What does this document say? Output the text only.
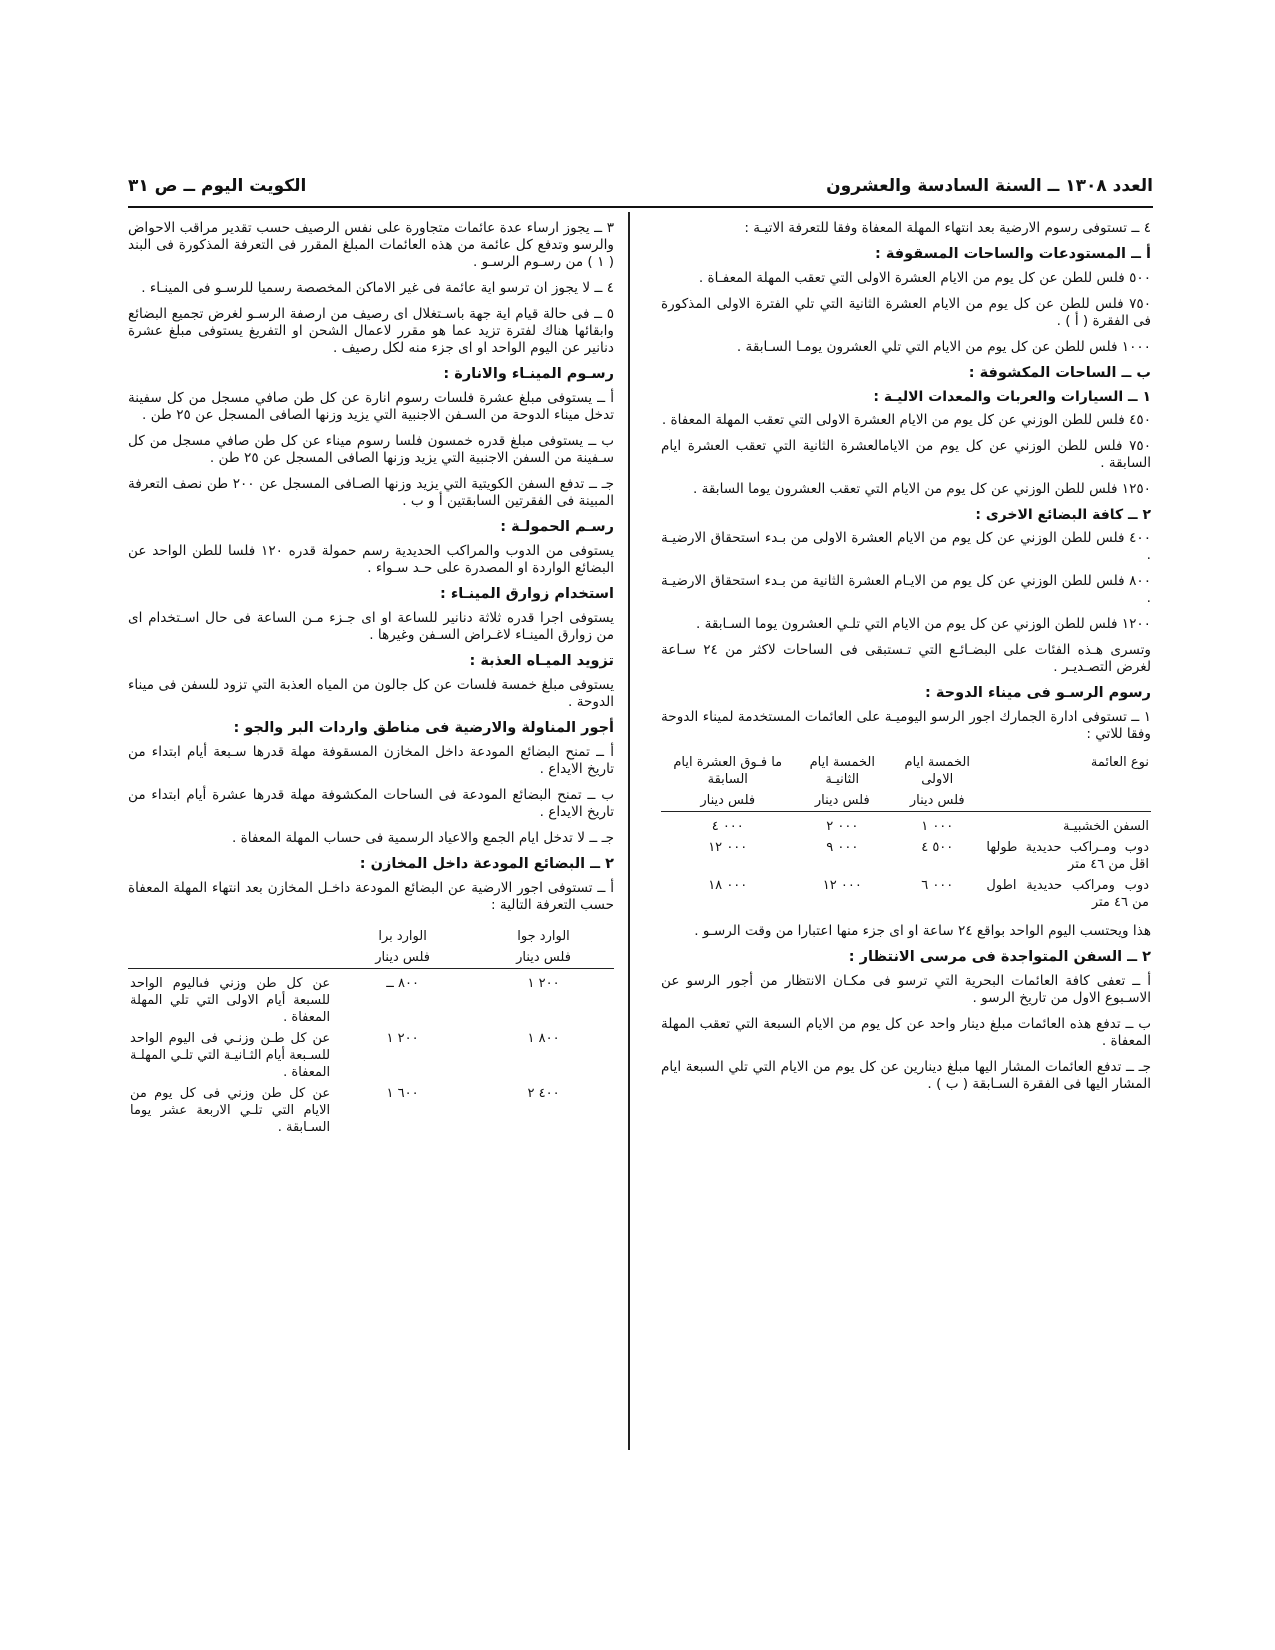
العدد ١٣٠٨ ــ السنة السادسة والعشرون
الكويت اليوم ــ ص ٣١

٤ ــ تستوفى رسوم الارضية بعد انتهاء المهلة المعفاة وفقا للتعرفة الاتيـة :

أ ــ المستودعات والساحات المسقوفة :

٥٠٠ فلس للطن عن كل يوم من الايام العشرة الاولى التي تعقب المهلة المعفـاة .

٧٥٠ فلس للطن عن كل يوم من الايام العشرة الثانية التي تلي الفترة الاولى المذكورة فى الفقرة ( أ ) .

١٠٠٠ فلس للطن عن كل يوم من الايام التي تلي العشرون يومـا السـابقة .

ب ــ الساحات المكشوفة :
١ ــ السيارات والعربات والمعدات الاليـة :

٤٥٠ فلس للطن الوزني عن كل يوم من الايام العشرة الاولى التي تعقب المهلة المعفاة .

٧٥٠ فلس للطن الوزني عن كل يوم من الايامالعشرة الثانية التي تعقب العشرة ايام السابقة .

١٢٥٠ فلس للطن الوزني عن كل يوم من الايام التي تعقب العشرون يوما السابقة .

٢ ــ كافة البضائع الاخرى :

٤٠٠ فلس للطن الوزني عن كل يوم من الايام العشرة الاولى من بـدء استحقاق الارضيـة .

٨٠٠ فلس للطن الوزني عن كل يوم من الايـام العشرة الثانية من بـدء استحقاق الارضيـة .

١٢٠٠ فلس للطن الوزني عن كل يوم من الايام التي تلـي العشرون يوما السـابقة .

وتسرى هـذه الفئات على البضـائـع التي تـستبقى فى الساحات لاكثر من ٢٤ سـاعة لغرض التصـديـر .

رسوم الرسـو فى ميناء الدوحة :

١ ــ تستوفى ادارة الجمارك اجور الرسو اليوميـة على العائمات المستخدمة لميناء الدوحة وفقا للاتي :

نوع العائمة	الخمسة ايام الاولى	الخمسة ايام الثانيـة	ما فـوق العشرة ايام السابقة
	فلس دينار	فلس دينار	فلس دينار

السفن الخشبيـة	٠٠٠ ١	٠٠٠ ٢	٠٠٠ ٤
دوب ومـراكب حديدية طولها اقل من ٤٦ متر	٥٠٠ ٤	٠٠٠ ٩	٠٠٠ ١٢
دوب ومراكب حديدية اطول من ٤٦ متر	٠٠٠ ٦	٠٠٠ ١٢	٠٠٠ ١٨

هذا ويحتسب اليوم الواحد بواقع ٢٤ ساعة او اى جزء منها اعتبارا من وقت الرسـو .

٢ ــ السفن المتواجدة فى مرسى الانتظار :

أ ــ تعفى كافة العائمات البحرية التي ترسو فى مكـان الانتظار من أجور الرسو عن الاسـبوع الاول من تاريخ الرسو .

ب ــ تدفع هذه العائمات مبلغ دينار واحد عن كل يوم من الايام السبعة التي تعقب المهلة المعفاة .

جـ ــ تدفع العائمات المشار اليها مبلغ دينارين عن كل يوم من الايام التي تلي السبعة ايام المشار اليها فى الفقرة السـابقة ( ب ) .

٣ ــ يجوز ارساء عدة عائمات متجاورة على نفس الرصيف حسب تقدير مراقب الاحواض والرسو وتدفع كل عائمة من هذه العائمات المبلغ المقرر فى التعرفة المذكورة فى البند ( ١ ) من رسـوم الرسـو .

٤ ــ لا يجوز ان ترسو اية عائمة فى غير الاماكن المخصصة رسميا للرسـو فى المينـاء .

٥ ــ فى حالة قيام اية جهة باسـتغلال اى رصيف من ارصفة الرسـو لغرض تجميع البضائع وابقائها هناك لفترة تزيد عما هو مقرر لاعمال الشحن او التفريغ يستوفى مبلغ عشرة دنانير عن اليوم الواحد او اى جزء منه لكل رصيف .

رسـوم المينـاء والانارة :

أ ــ يستوفى مبلغ عشرة فلسات رسوم انارة عن كل طن صافي مسجل من كل سفينة تدخل ميناء الدوحة من السـفن الاجنبية التي يزيد وزنها الصافى المسجل عن ٢٥ طن .

ب ــ يستوفى مبلغ قدره خمسون فلسا رسوم ميناء عن كل طن صافي مسجل من كل سـفينة من السفن الاجنبية التي يزيد وزنها الصافى المسجل عن ٢٥ طن .

جـ ــ تدفع السفن الكويتية التي يزيد وزنها الصـافى المسجل عن ٢٠٠ طن نصف التعرفة المبينة فى الفقرتين السابقتين أ و ب .

رسـم الحمولـة :

يستوفى من الدوب والمراكب الحديدية رسم حمولة قدره ١٢٠ فلسا للطن الواحد عن البضائع الواردة او المصدرة على حـد سـواء .

استخدام زوارق المينـاء :

يستوفى اجرا قدره ثلاثة دنانير للساعة او اى جـزء مـن الساعة فى حال اسـتخدام اى من زوارق المينـاء لاغـراض السـفن وغيرها .

تزويد الميـاه العذبة :

يستوفى مبلغ خمسة فلسات عن كل جالون من المياه العذبة التي تزود للسفن فى ميناء الدوحة .

أجور المناولة والارضية فى مناطق واردات البر والجو :

أ ــ تمنح البضائع المودعة داخل المخازن المسقوفة مهلة قدرها سـبعة أيام ابتداء من تاريخ الايداع .

ب ــ تمنح البضائع المودعة فى الساحات المكشوفة مهلة قدرها عشرة أيام ابتداء من تاريخ الايداع .

جـ ــ لا تدخل ايام الجمع والاعياد الرسمية فى حساب المهلة المعفاة .

٢ ــ البضائع المودعة داخل المخازن :

أ ــ تستوفى اجور الارضية عن البضائع المودعة داخـل المخازن بعد انتهاء المهلة المعفاة حسب التعرفة التالية :

الوارد جوا	الوارد برا	
فلس دينار	فلس دينار	

٢٠٠ ١	٨٠٠ ــ	عن كل طن وزني فىاليوم الواحد للسبعة أيام الاولى التي تلي المهلة المعفاة .
٨٠٠ ١	٢٠٠ ١	عن كل طـن وزنـي فى اليوم الواحد للسـبعة أيام الثـانيـة التي تلـي المهلـة المعفاة .
٤٠٠ ٢	٦٠٠ ١	عن كل طن وزني فى كل يوم من الايام التي تلـي الاربعة عشر يوما السـابقة .
